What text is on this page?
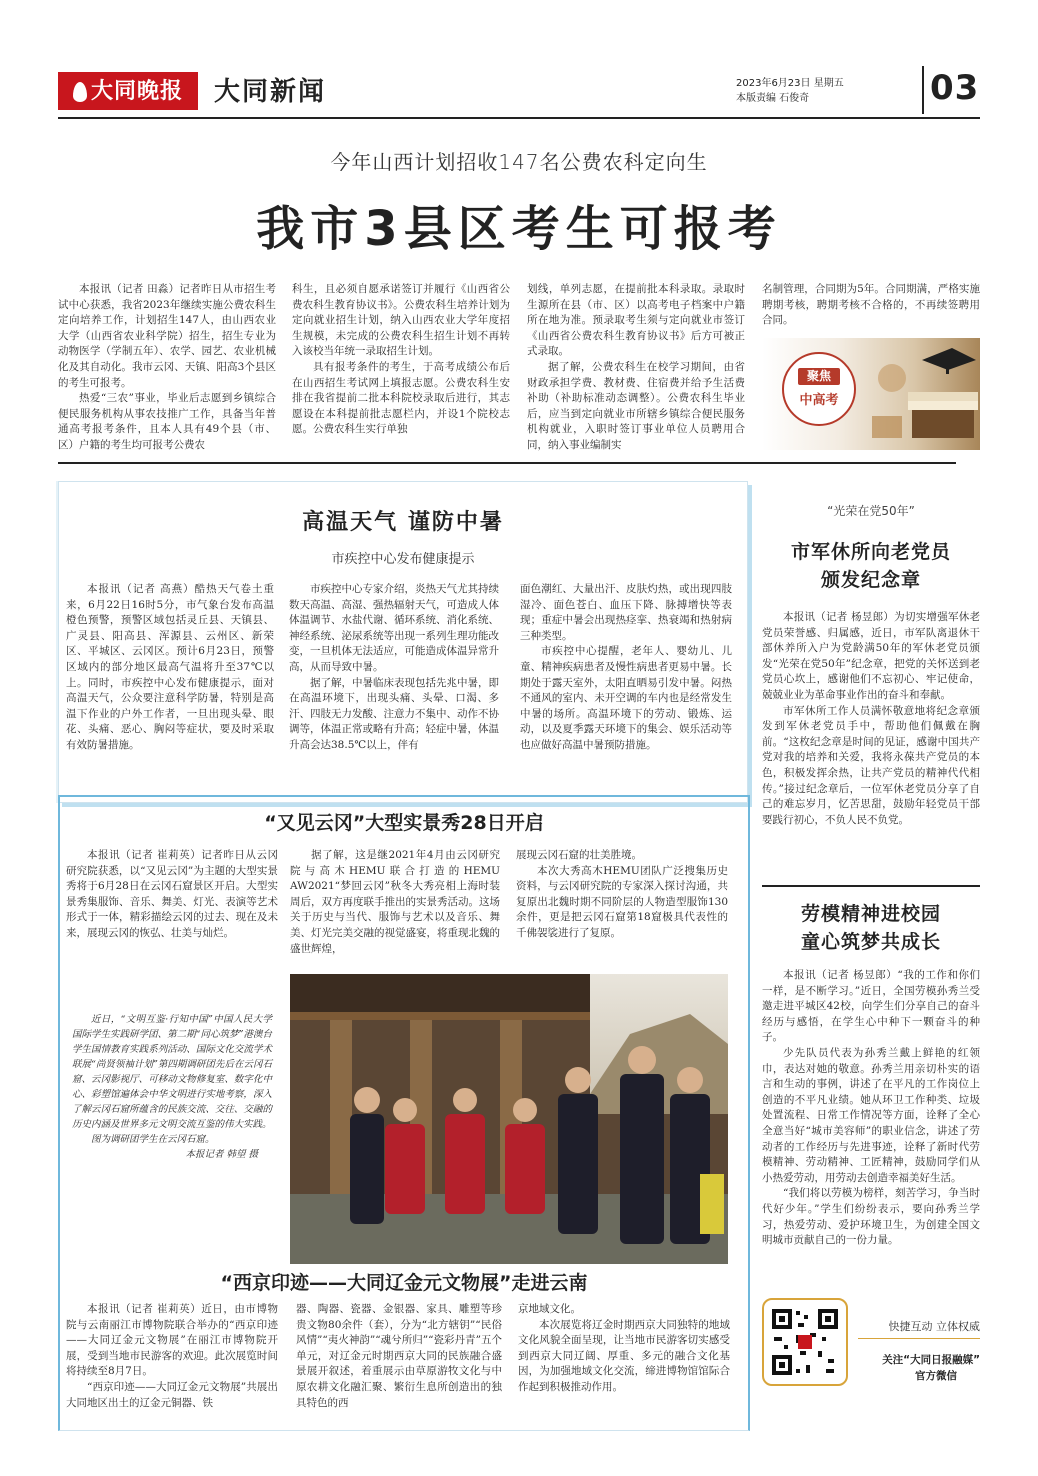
大同晚报	大同新闻	2023年6月23日 星期五
本版责编 石俊奇	03
今年山西计划招收147名公费农科定向生
我市3县区考生可报考

本报讯（记者 田淼）记者昨日从市招生考试中心获悉，我省2023年继续实施公费农科生定向培养工作，计划招生147人，由山西农业大学（山西省农业科学院）招生，招生专业为动物医学（学制五年）、农学、园艺、农业机械化及其自动化。我市云冈、天镇、阳高3个县区的考生可报考。

热爱“三农”事业，毕业后志愿到乡镇综合便民服务机构从事农技推广工作，具备当年普通高考报考条件，且本人具有49个县（市、区）户籍的考生均可报考公费农

科生，且必须自愿承诺签订并履行《山西省公费农科生教育协议书》。公费农科生培养计划为定向就业招生计划，纳入山西农业大学年度招生规模，未完成的公费农科生招生计划不再转入该校当年统一录取招生计划。

具有报考条件的考生，于高考成绩公布后在山西招生考试网上填报志愿。公费农科生安排在我省提前二批本科院校录取后进行，其志愿设在本科提前批志愿栏内，并设1个院校志愿。公费农科生实行单独

划线，单列志愿，在提前批本科录取。录取时生源所在县（市、区）以高考电子档案中户籍所在地为准。预录取考生须与定向就业市签订《山西省公费农科生教育协议书》后方可被正式录取。

据了解，公费农科生在校学习期间，由省财政承担学费、教材费、住宿费并给予生活费补助（补助标准动态调整）。公费农科生毕业后，应当到定向就业市所辖乡镇综合便民服务机构就业，入职时签订事业单位人员聘用合同，纳入事业编制实

名制管理，合同期为5年。合同期满，严格实施聘期考核，聘期考核不合格的，不再续签聘用合同。

聚焦
中高考
高温天气 谨防中暑
市疾控中心发布健康提示

本报讯（记者 高燕）酷热天气卷土重来，6月22日16时5分，市气象台发布高温橙色预警，预警区域包括灵丘县、天镇县、广灵县、阳高县、浑源县、云州区、新荣区、平城区、云冈区。预计6月23日，预警区域内的部分地区最高气温将升至37℃以上。同时，市疾控中心发布健康提示，面对高温天气，公众要注意科学防暑，特别是高温下作业的户外工作者，一旦出现头晕、眼花、头痛、恶心、胸闷等症状，要及时采取有效防暑措施。

市疾控中心专家介绍，炎热天气尤其持续数天高温、高湿、强热辐射天气，可造成人体体温调节、水盐代谢、循环系统、消化系统、神经系统、泌尿系统等出现一系列生理功能改变，一旦机体无法适应，可能造成体温异常升高，从而导致中暑。

据了解，中暑临床表现包括先兆中暑，即在高温环境下，出现头痛、头晕、口渴、多汗、四肢无力发酸、注意力不集中、动作不协调等，体温正常或略有升高；轻症中暑，体温升高会达38.5℃以上，伴有

面色潮红、大量出汗、皮肤灼热，或出现四肢湿冷、面色苍白、血压下降、脉搏增快等表现；重症中暑会出现热痉挛、热衰竭和热射病三种类型。

市疾控中心提醒，老年人、婴幼儿、儿童、精神疾病患者及慢性病患者更易中暑。长期处于露天室外，太阳直晒易引发中暑。闷热不通风的室内、未开空调的车内也是经常发生中暑的场所。高温环境下的劳动、锻炼、运动，以及夏季露天环境下的集会、娱乐活动等也应做好高温中暑预防措施。

“光荣在党50年”
市军休所向老党员
颁发纪念章

本报讯（记者 杨昱郎）为切实增强军休老党员荣誉感、归属感，近日，市军队离退休干部休养所入户为党龄满50年的军休老党员颁发“光荣在党50年”纪念章，把党的关怀送到老党员心坎上，感谢他们不忘初心、牢记使命，兢兢业业为革命事业作出的奋斗和奉献。

市军休所工作人员满怀敬意地将纪念章颁发到军休老党员手中，帮助他们佩戴在胸前。“这枚纪念章是时间的见证，感谢中国共产党对我的培养和关爱，我将永葆共产党员的本色，积极发挥余热，让共产党员的精神代代相传。”接过纪念章后，一位军休老党员分享了自己的难忘岁月，忆苦思甜，鼓励年轻党员干部要践行初心，不负人民不负党。

“又见云冈”大型实景秀28日开启

本报讯（记者 崔莉英）记者昨日从云冈研究院获悉，以“又见云冈”为主题的大型实景秀将于6月28日在云冈石窟景区开启。大型实景秀集服饰、音乐、舞美、灯光、表演等艺术形式于一体，精彩描绘云冈的过去、现在及未来，展现云冈的恢弘、壮美与灿烂。

据了解，这是继2021年4月由云冈研究院与高木HEMU联合打造的HEMU AW2021“梦回云冈”秋冬大秀亮相上海时装周后，双方再度联手推出的实景秀活动。这场关于历史与当代、服饰与艺术以及音乐、舞美、灯光完美交融的视觉盛宴，将重现北魏的盛世辉煌，

展现云冈石窟的壮美胜境。

本次大秀高木HEMU团队广泛搜集历史资料，与云冈研究院的专家深入探讨沟通，共复原出北魏时期不同阶层的人物造型服饰130余件，更是把云冈石窟第18窟极具代表性的千佛袈裟进行了复原。

近日，“文明互鉴·行知中国”中国人民大学国际学生实践研学团、第二期“同心筑梦”港澳台学生国情教育实践系列活动、国际文化交流学术联展“尚贤领袖计划”第四期调研团先后在云冈石窟、云冈影视厅、可移动文物修复室、数字化中心、彩塑馆遍体会中华文明进行实地考察，深入了解云冈石窟所蕴含的民族交流、交往、交融的历史内涵及世界多元文明交流互鉴的伟大实践。

图为调研团学生在云冈石窟。

本报记者 韩望 摄

“西京印迹——大同辽金元文物展”走进云南

本报讯（记者 崔莉英）近日，由市博物院与云南丽江市博物院联合举办的“西京印迹——大同辽金元文物展”在丽江市博物院开展，受到当地市民游客的欢迎。此次展览时间将持续至8月7日。

“西京印迹——大同辽金元文物展”共展出大同地区出土的辽金元铜器、铁

器、陶器、瓷器、金银器、家具、雕塑等珍贵文物80余件（套），分为“北方辖钥”“民俗风情”“夷火神韵”“魂兮所归”“瓷彩丹青”五个单元，对辽金元时期西京大同的民族融合盛景展开叙述，着重展示由草原游牧文化与中原农耕文化融汇聚、繁衍生息所创造出的独具特色的西

京地域文化。

本次展览将辽金时期西京大同独特的地域文化风貌全面呈现，让当地市民游客切实感受到西京大同辽阔、厚重、多元的融合文化基因，为加强地域文化交流，缔进博物馆馆际合作起到积极推动作用。

劳模精神进校园
童心筑梦共成长

本报讯（记者 杨昱郎）“我的工作和你们一样，是不断学习。”近日，全国劳模孙秀兰受邀走进平城区42校，向学生们分享自己的奋斗经历与感悟，在学生心中种下一颗奋斗的种子。

少先队员代表为孙秀兰戴上鲜艳的红领巾，表达对她的敬意。孙秀兰用亲切朴实的语言和生动的事例，讲述了在平凡的工作岗位上创造的不平凡业绩。她从环卫工作种类、垃圾处置流程、日常工作情况等方面，诠释了全心全意当好“城市美容师”的职业信念，讲述了劳动者的工作经历与先进事迹，诠释了新时代劳模精神、劳动精神、工匠精神，鼓励同学们从小热爱劳动，用劳动去创造幸福美好生活。

“我们将以劳模为榜样，刻苦学习，争当时代好少年。”学生们纷纷表示，要向孙秀兰学习，热爱劳动、爱护环境卫生，为创建全国文明城市贡献自己的一份力量。

快捷互动 立体权威
关注“大同日报融媒”
官方微信
